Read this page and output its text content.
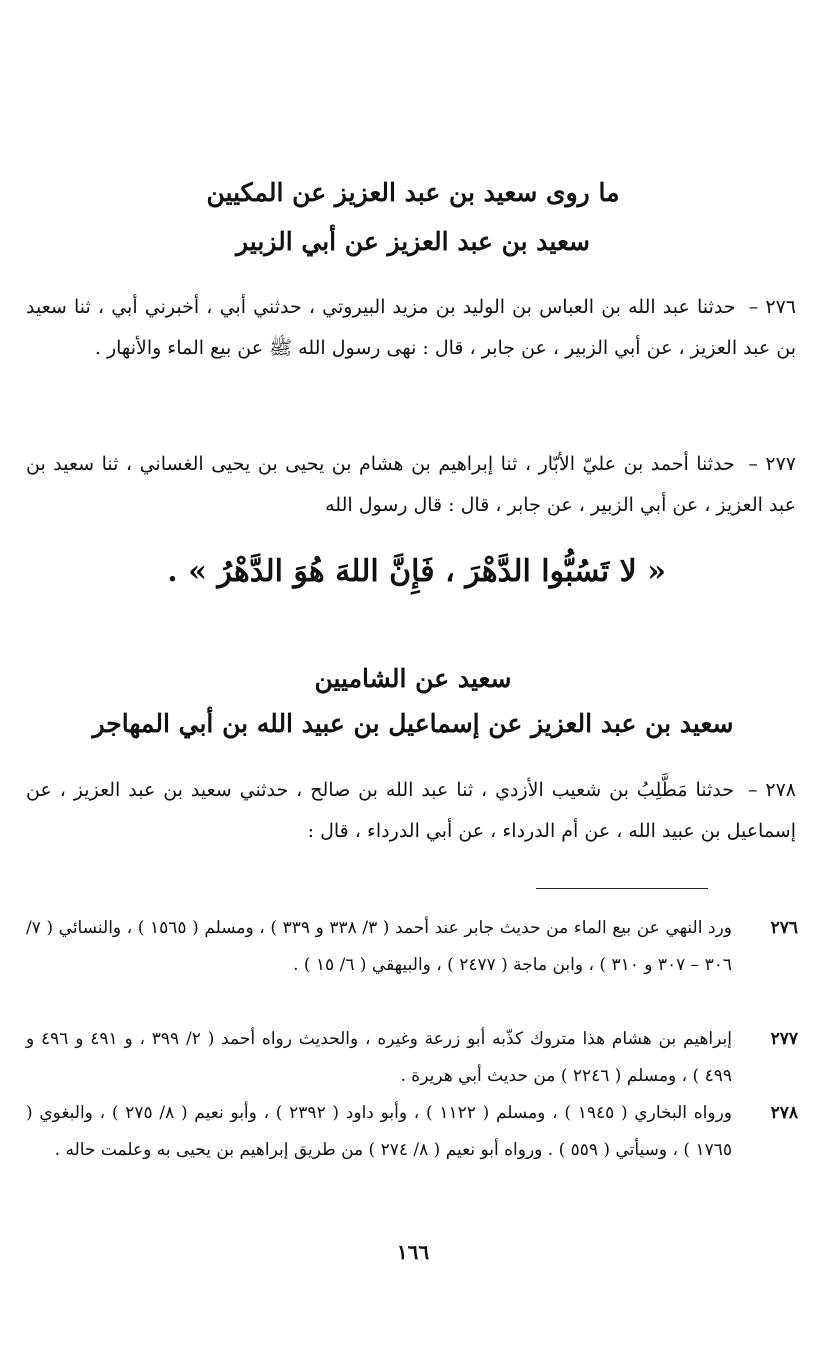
ما روى سعيد بن عبد العزيز عن المكيين
سعيد بن عبد العزيز عن أبي الزبير
٢٧٦ – حدثنا عبد الله بن العباس بن الوليد بن مزيد البيروتي ، حدثني أبي ، أخبرني أبي ، ثنا سعيد بن عبد العزيز ، عن أبي الزبير ، عن جابر ، قال : نهى رسول الله ﷺ عن بيع الماء والأنهار .
٢٧٧ – حدثنا أحمد بن عليّ الأبّار ، ثنا إبراهيم بن هشام بن يحيى بن يحيى الغساني ، ثنا سعيد بن عبد العزيز ، عن أبي الزبير ، عن جابر ، قال : قال رسول الله
« لا تَسُبُّوا الدَّهْرَ ، فَإِنَّ اللهَ هُوَ الدَّهْرُ » .
سعيد عن الشاميين
سعيد بن عبد العزيز عن إسماعيل بن عبيد الله بن أبي المهاجر
٢٧٨ – حدثنا مَطَّلِبُ بن شعيب الأزدي ، ثنا عبد الله بن صالح ، حدثني سعيد بن عبد العزيز ، عن إسماعيل بن عبيد الله ، عن أم الدرداء ، عن أبي الدرداء ، قال :
٢٧٦
ورد النهي عن بيع الماء من حديث جابر عند أحمد ( ٣/ ٣٣٨ و ٣٣٩ ) ، ومسلم ( ١٥٦٥ ) ، والنسائي ( ٧/ ٣٠٦ – ٣٠٧ و ٣١٠ ) ، وابن ماجة ( ٢٤٧٧ ) ، والبيهقي ( ٦/ ١٥ ) .
٢٧٧
إبراهيم بن هشام هذا متروك كذّبه أبو زرعة وغيره ، والحديث رواه أحمد ( ٢/ ٣٩٩ ، و ٤٩١ و ٤٩٦ و ٤٩٩ ) ، ومسلم ( ٢٢٤٦ ) من حديث أبي هريرة .
٢٧٨
ورواه البخاري ( ١٩٤٥ ) ، ومسلم ( ١١٢٢ ) ، وأبو داود ( ٢٣٩٢ ) ، وأبو نعيم ( ٨/ ٢٧٥ ) ، والبغوي ( ١٧٦٥ ) ، وسيأتي ( ٥٥٩ ) . ورواه أبو نعيم ( ٨/ ٢٧٤ ) من طريق إبراهيم بن يحيى به وعلمت حاله .
١٦٦
